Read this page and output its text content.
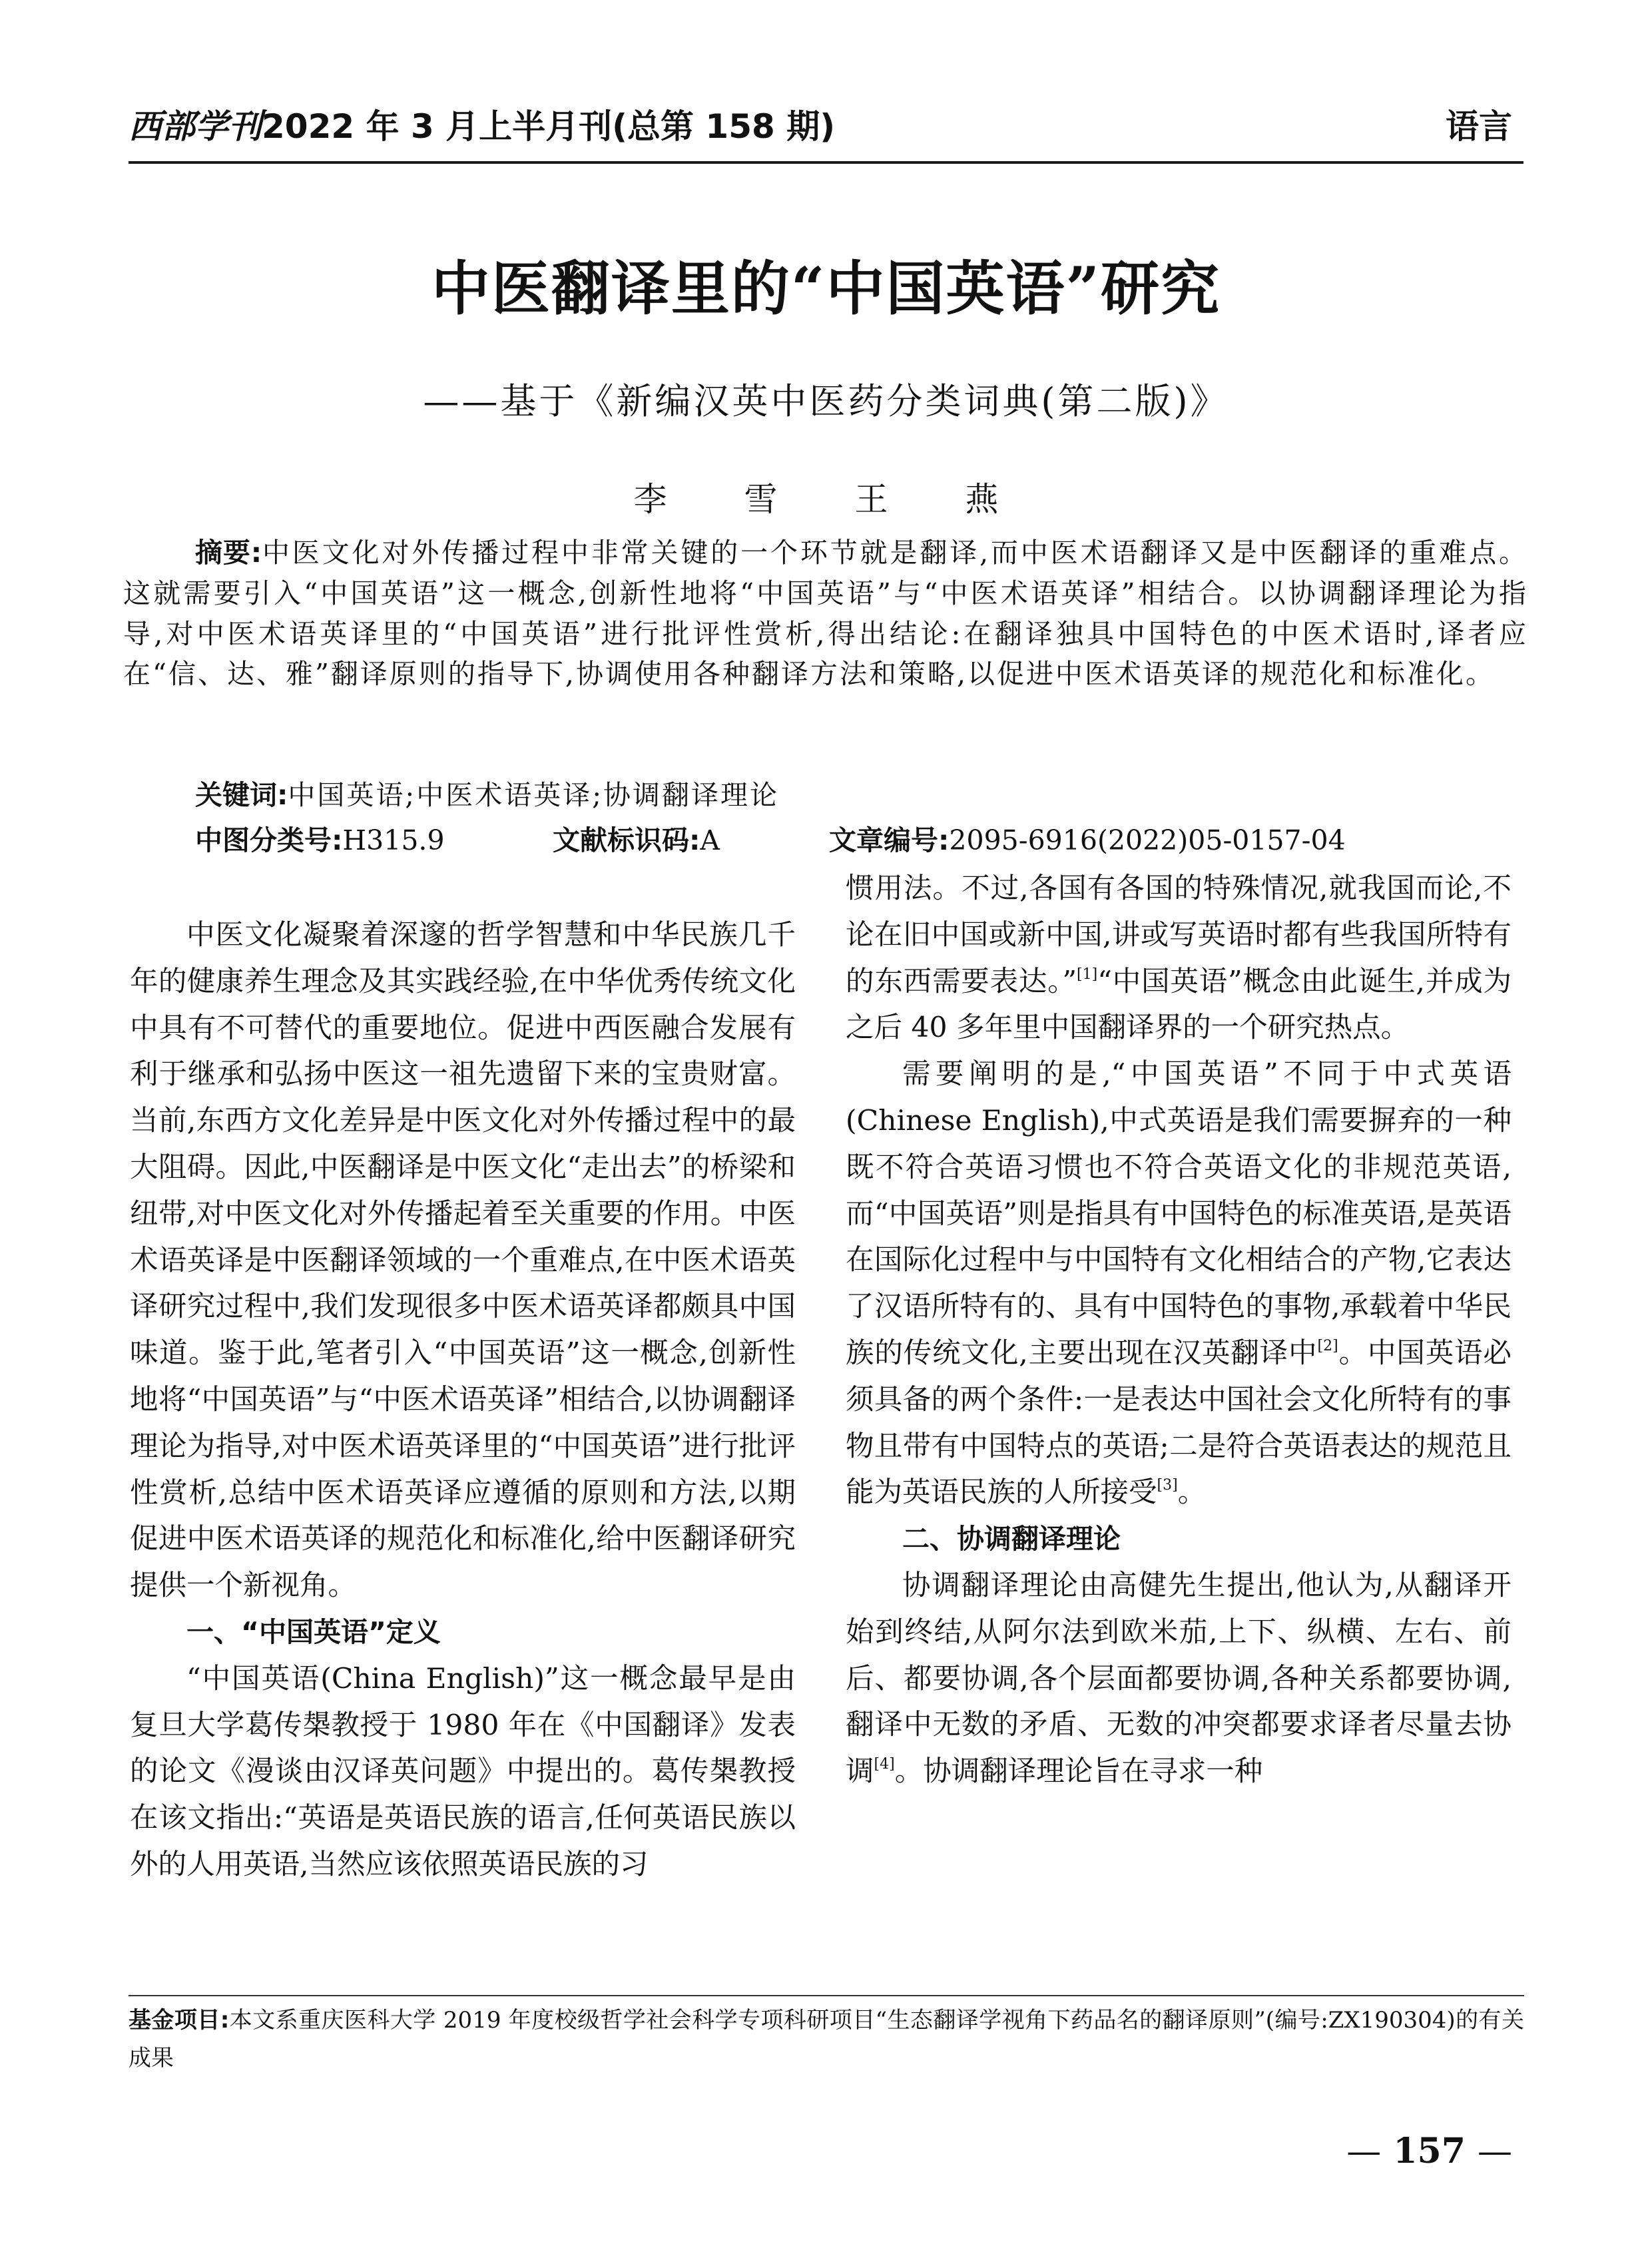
西部学刊2022 年 3 月上半月刊(总第 158 期)	语言
中医翻译里的“中国英语”研究
——基于《新编汉英中医药分类词典(第二版)》
李 雪 王 燕

摘要:中医文化对外传播过程中非常关键的一个环节就是翻译,而中医术语翻译又是中医翻译的重难点。这就需要引入“中国英语”这一概念,创新性地将“中国英语”与“中医术语英译”相结合。以协调翻译理论为指导,对中医术语英译里的“中国英语”进行批评性赏析,得出结论:在翻译独具中国特色的中医术语时,译者应在“信、达、雅”翻译原则的指导下,协调使用各种翻译方法和策略,以促进中医术语英译的规范化和标准化。

关键词:中国英语;中医术语英译;协调翻译理论
中图分类号:H315.9	文献标识码:A	文章编号:2095-6916(2022)05-0157-04

中医文化凝聚着深邃的哲学智慧和中华民族几千年的健康养生理念及其实践经验,在中华优秀传统文化中具有不可替代的重要地位。促进中西医融合发展有利于继承和弘扬中医这一祖先遗留下来的宝贵财富。当前,东西方文化差异是中医文化对外传播过程中的最大阻碍。因此,中医翻译是中医文化“走出去”的桥梁和纽带,对中医文化对外传播起着至关重要的作用。中医术语英译是中医翻译领域的一个重难点,在中医术语英译研究过程中,我们发现很多中医术语英译都颇具中国味道。鉴于此,笔者引入“中国英语”这一概念,创新性地将“中国英语”与“中医术语英译”相结合,以协调翻译理论为指导,对中医术语英译里的“中国英语”进行批评性赏析,总结中医术语英译应遵循的原则和方法,以期促进中医术语英译的规范化和标准化,给中医翻译研究提供一个新视角。

一、“中国英语”定义

“中国英语(China English)”这一概念最早是由复旦大学葛传槼教授于 1980 年在《中国翻译》发表的论文《漫谈由汉译英问题》中提出的。葛传槼教授在该文指出:“英语是英语民族的语言,任何英语民族以外的人用英语,当然应该依照英语民族的习

惯用法。不过,各国有各国的特殊情况,就我国而论,不论在旧中国或新中国,讲或写英语时都有些我国所特有的东西需要表达。”[1]“中国英语”概念由此诞生,并成为之后 40 多年里中国翻译界的一个研究热点。

需要阐明的是,“中国英语”不同于中式英语(Chinese English),中式英语是我们需要摒弃的一种既不符合英语习惯也不符合英语文化的非规范英语,而“中国英语”则是指具有中国特色的标准英语,是英语在国际化过程中与中国特有文化相结合的产物,它表达了汉语所特有的、具有中国特色的事物,承载着中华民族的传统文化,主要出现在汉英翻译中[2]。中国英语必须具备的两个条件:一是表达中国社会文化所特有的事物且带有中国特点的英语;二是符合英语表达的规范且能为英语民族的人所接受[3]。

二、协调翻译理论

协调翻译理论由高健先生提出,他认为,从翻译开始到终结,从阿尔法到欧米茄,上下、纵横、左右、前后、都要协调,各个层面都要协调,各种关系都要协调,翻译中无数的矛盾、无数的冲突都要求译者尽量去协调[4]。协调翻译理论旨在寻求一种

基金项目:本文系重庆医科大学 2019 年度校级哲学社会科学专项科研项目“生态翻译学视角下药品名的翻译原则”(编号:ZX190304)的有关成果
— 157 —
